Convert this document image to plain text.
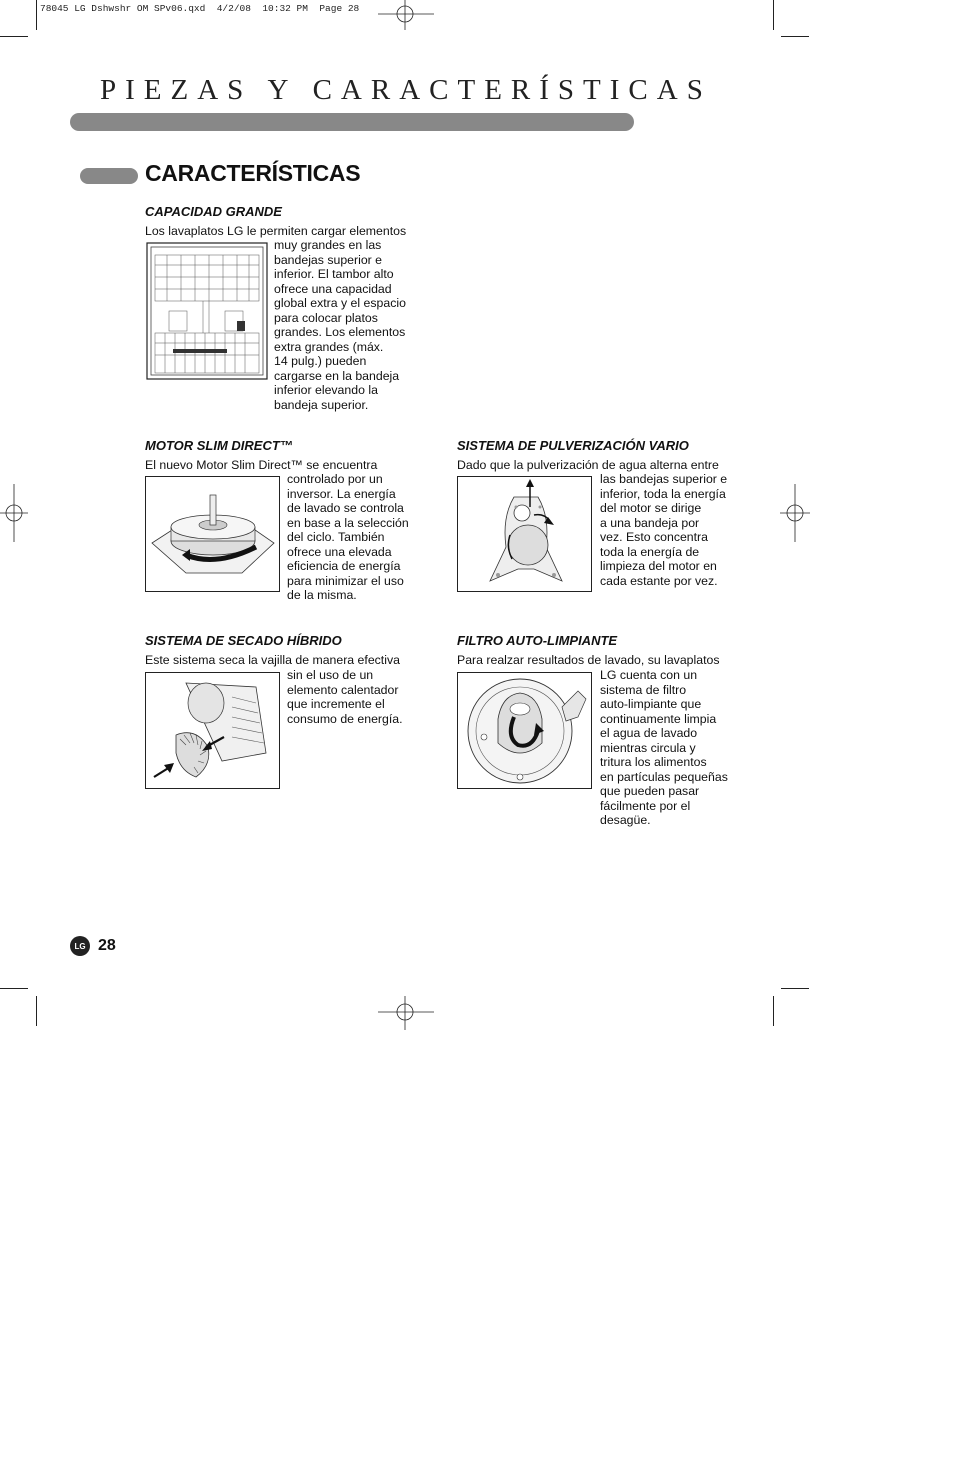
78045 LG Dshwshr OM SPv06.qxd  4/2/08  10:32 PM  Page 28
PIEZAS Y CARACTERÍSTICAS
CARACTERÍSTICAS
CAPACIDAD GRANDE
Los lavaplatos LG le permiten cargar elementos
muy grandes en las
bandejas superior e
inferior. El tambor alto
ofrece una capacidad
global extra y el espacio
para colocar platos
grandes. Los elementos
extra grandes (máx.
14 pulg.) pueden
cargarse en la bandeja
inferior elevando la
bandeja superior.
MOTOR SLIM DIRECT™
El nuevo Motor Slim Direct™ se encuentra
controlado por un
inversor. La energía
de lavado se controla
en base a la selección
del ciclo. También
ofrece una elevada
eficiencia de energía
para minimizar el uso
de la misma.
SISTEMA DE PULVERIZACIÓN VARIO
Dado que la pulverización de agua alterna entre
las bandejas superior e
inferior, toda la energía
del motor se dirige
a una bandeja por
vez. Esto concentra
toda la energía de
limpieza del motor en
cada estante por vez.
SISTEMA DE SECADO HÍBRIDO
Este sistema seca la vajilla de manera efectiva
sin el uso de un
elemento calentador
que incremente el
consumo de energía.
FILTRO AUTO-LIMPIANTE
Para realzar resultados de lavado, su lavaplatos
LG cuenta con un
sistema de filtro
auto-limpiante que
continuamente limpia
el agua de lavado
mientras circula y
tritura los alimentos
en partículas pequeñas
que pueden pasar
fácilmente por el
desagüe.
LG 28
